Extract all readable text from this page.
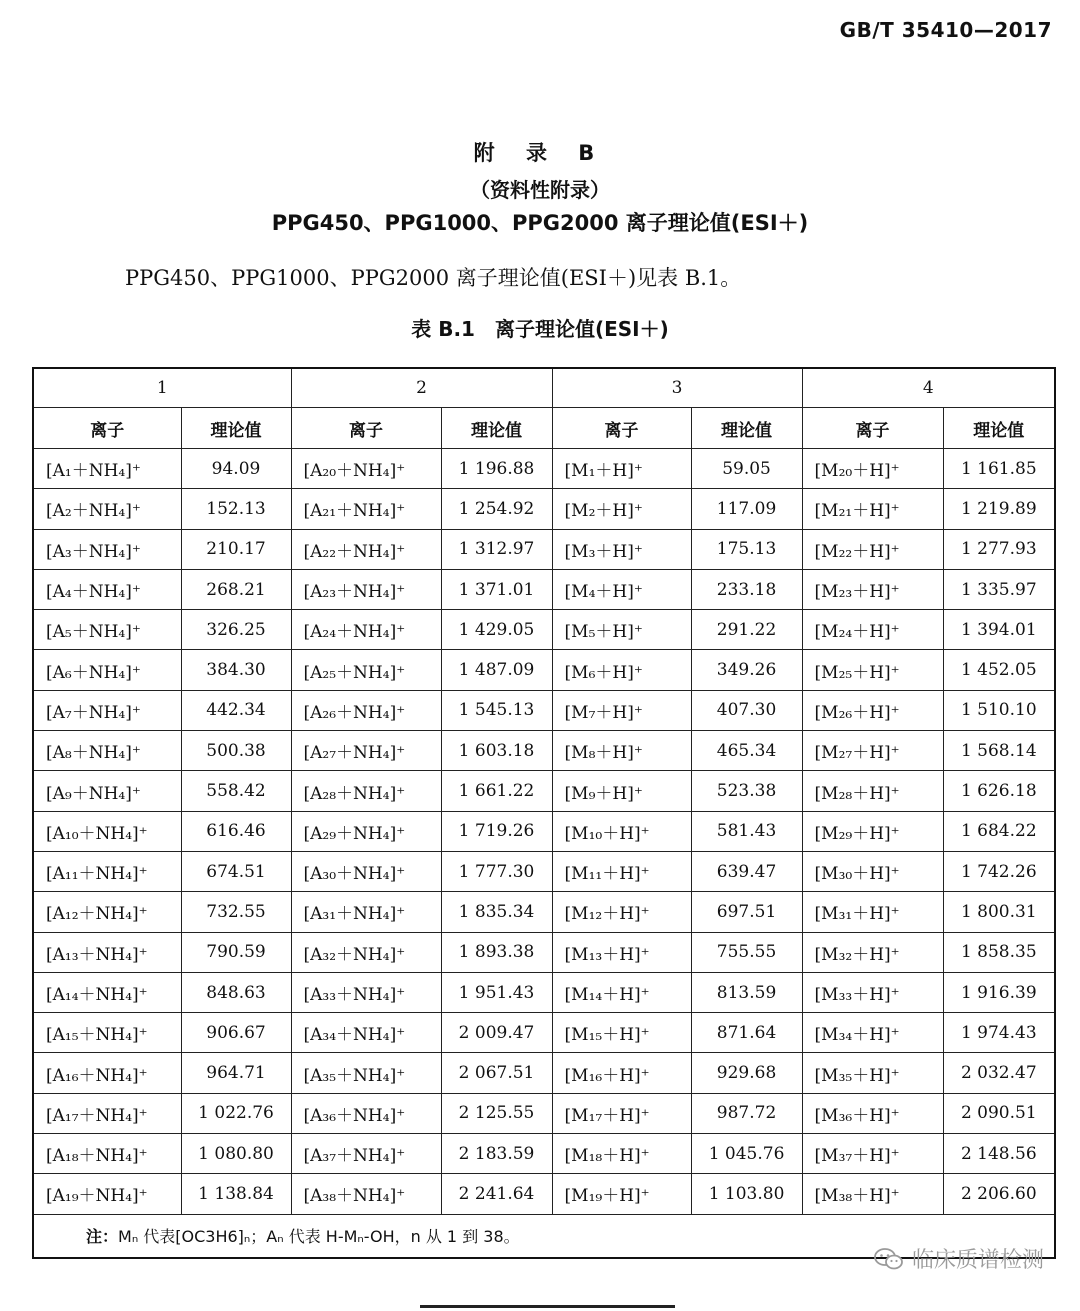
GB/T 35410—2017
附 录 B
（资料性附录）
PPG450、PPG1000、PPG2000 离子理论值(ESI＋)
PPG450、PPG1000、PPG2000 离子理论值(ESI＋)见表 B.1。
表 B.1　离子理论值(ESI＋)
1		2		3		4	
离子	理论值	离子	理论值	离子	理论值	离子	理论值
[A₁＋NH₄]⁺	94.09	[A₂₀＋NH₄]⁺	1 196.88	[M₁＋H]⁺	59.05	[M₂₀＋H]⁺	1 161.85
[A₂＋NH₄]⁺	152.13	[A₂₁＋NH₄]⁺	1 254.92	[M₂＋H]⁺	117.09	[M₂₁＋H]⁺	1 219.89
[A₃＋NH₄]⁺	210.17	[A₂₂＋NH₄]⁺	1 312.97	[M₃＋H]⁺	175.13	[M₂₂＋H]⁺	1 277.93
[A₄＋NH₄]⁺	268.21	[A₂₃＋NH₄]⁺	1 371.01	[M₄＋H]⁺	233.18	[M₂₃＋H]⁺	1 335.97
[A₅＋NH₄]⁺	326.25	[A₂₄＋NH₄]⁺	1 429.05	[M₅＋H]⁺	291.22	[M₂₄＋H]⁺	1 394.01
[A₆＋NH₄]⁺	384.30	[A₂₅＋NH₄]⁺	1 487.09	[M₆＋H]⁺	349.26	[M₂₅＋H]⁺	1 452.05
[A₇＋NH₄]⁺	442.34	[A₂₆＋NH₄]⁺	1 545.13	[M₇＋H]⁺	407.30	[M₂₆＋H]⁺	1 510.10
[A₈＋NH₄]⁺	500.38	[A₂₇＋NH₄]⁺	1 603.18	[M₈＋H]⁺	465.34	[M₂₇＋H]⁺	1 568.14
[A₉＋NH₄]⁺	558.42	[A₂₈＋NH₄]⁺	1 661.22	[M₉＋H]⁺	523.38	[M₂₈＋H]⁺	1 626.18
[A₁₀＋NH₄]⁺	616.46	[A₂₉＋NH₄]⁺	1 719.26	[M₁₀＋H]⁺	581.43	[M₂₉＋H]⁺	1 684.22
[A₁₁＋NH₄]⁺	674.51	[A₃₀＋NH₄]⁺	1 777.30	[M₁₁＋H]⁺	639.47	[M₃₀＋H]⁺	1 742.26
[A₁₂＋NH₄]⁺	732.55	[A₃₁＋NH₄]⁺	1 835.34	[M₁₂＋H]⁺	697.51	[M₃₁＋H]⁺	1 800.31
[A₁₃＋NH₄]⁺	790.59	[A₃₂＋NH₄]⁺	1 893.38	[M₁₃＋H]⁺	755.55	[M₃₂＋H]⁺	1 858.35
[A₁₄＋NH₄]⁺	848.63	[A₃₃＋NH₄]⁺	1 951.43	[M₁₄＋H]⁺	813.59	[M₃₃＋H]⁺	1 916.39
[A₁₅＋NH₄]⁺	906.67	[A₃₄＋NH₄]⁺	2 009.47	[M₁₅＋H]⁺	871.64	[M₃₄＋H]⁺	1 974.43
[A₁₆＋NH₄]⁺	964.71	[A₃₅＋NH₄]⁺	2 067.51	[M₁₆＋H]⁺	929.68	[M₃₅＋H]⁺	2 032.47
[A₁₇＋NH₄]⁺	1 022.76	[A₃₆＋NH₄]⁺	2 125.55	[M₁₇＋H]⁺	987.72	[M₃₆＋H]⁺	2 090.51
[A₁₈＋NH₄]⁺	1 080.80	[A₃₇＋NH₄]⁺	2 183.59	[M₁₈＋H]⁺	1 045.76	[M₃₇＋H]⁺	2 148.56
[A₁₉＋NH₄]⁺	1 138.84	[A₃₈＋NH₄]⁺	2 241.64	[M₁₉＋H]⁺	1 103.80	[M₃₈＋H]⁺	2 206.60
注：Mₙ 代表[OC3H6]ₙ；Aₙ 代表 H-Mₙ-OH，n 从 1 到 38。							
临床质谱检测
